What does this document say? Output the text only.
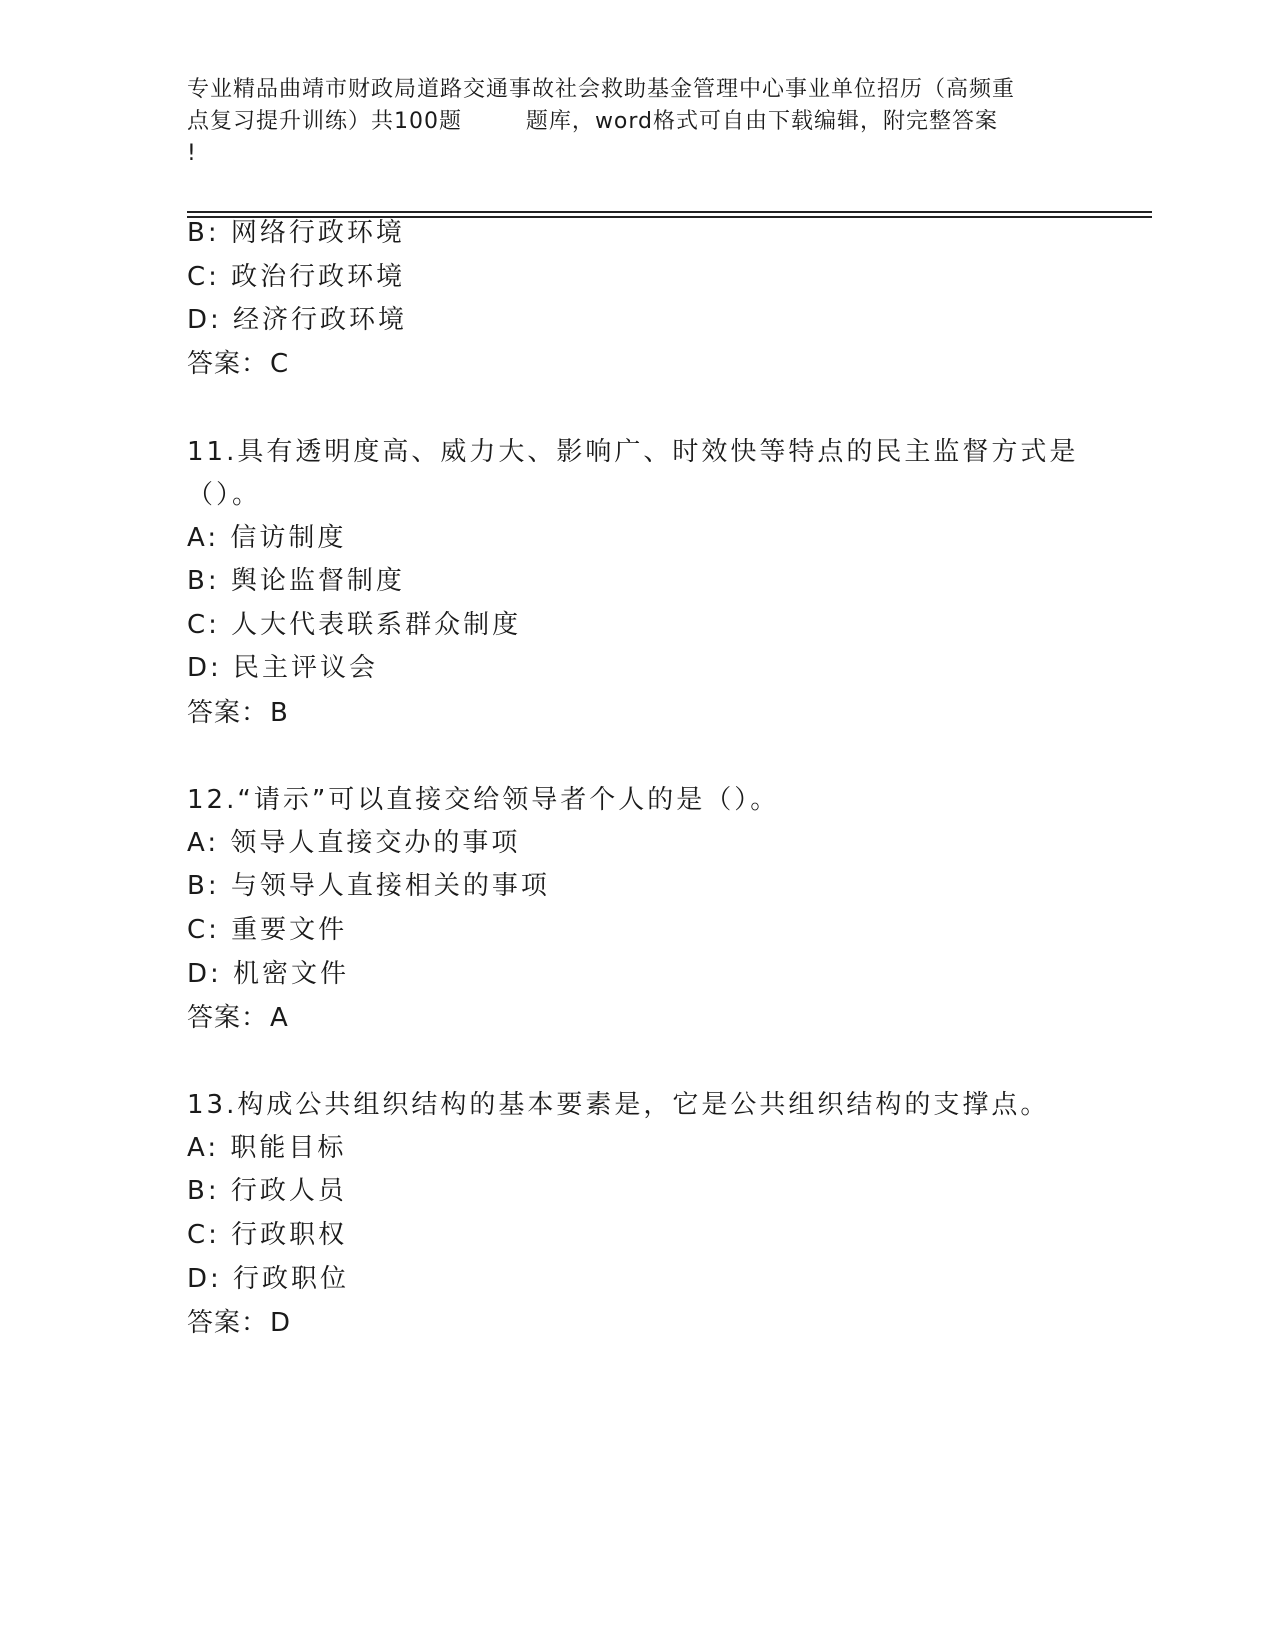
专业精品曲靖市财政局道路交通事故社会救助基金管理中心事业单位招历（高频重
点复习提升训练）共100题        题库，word格式可自由下载编辑，附完整答案
!
B: 网络行政环境
C: 政治行政环境
D: 经济行政环境
答案：C
11.具有透明度高、威力大、影响广、时效快等特点的民主监督方式是
（）。
A: 信访制度
B: 舆论监督制度
C: 人大代表联系群众制度
D: 民主评议会
答案：B
12.“请示”可以直接交给领导者个人的是（）。
A: 领导人直接交办的事项
B: 与领导人直接相关的事项
C: 重要文件
D: 机密文件
答案：A
13.构成公共组织结构的基本要素是，它是公共组织结构的支撑点。
A: 职能目标
B: 行政人员
C: 行政职权
D: 行政职位
答案：D
